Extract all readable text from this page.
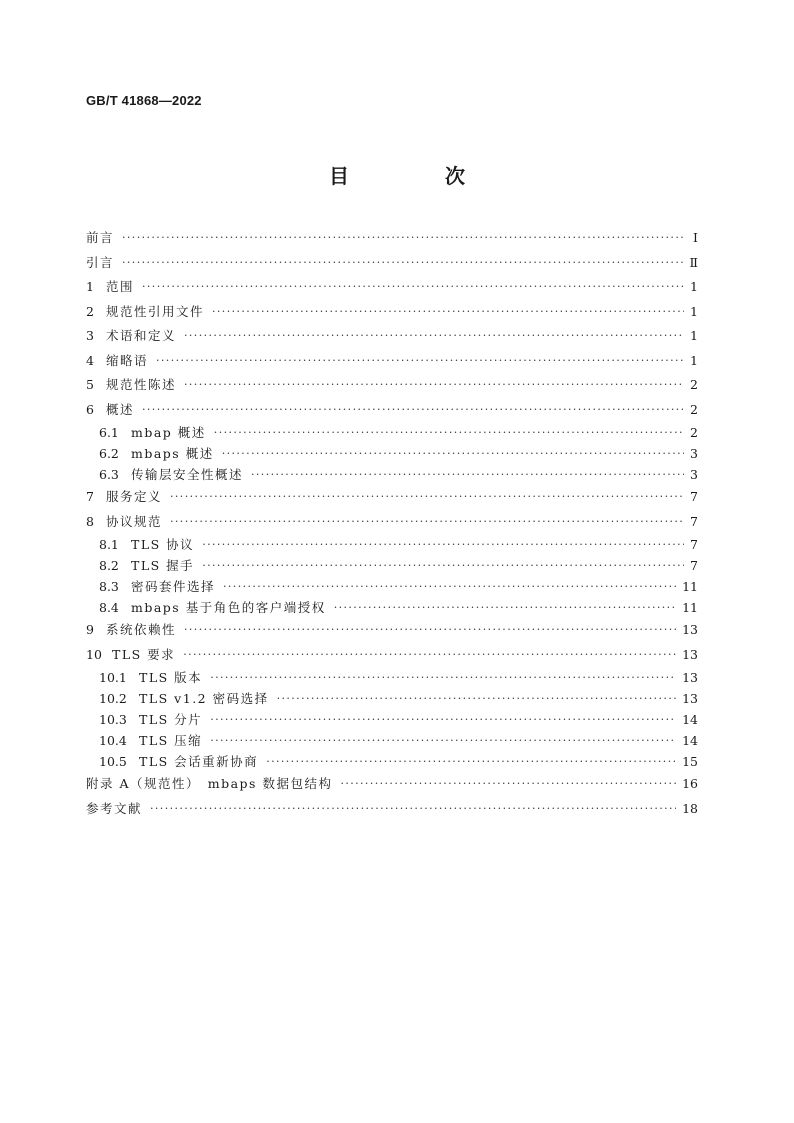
GB/T 41868—2022
目　次
前言 ·····	Ⅰ
引言 ·····	Ⅱ
1 范围 ·····	1
2 规范性引用文件 ·····	1
3 术语和定义 ·····	1
4 缩略语 ·····	1
5 规范性陈述 ·····	2
6 概述 ·····	2
6.1 mbap 概述 ·····	2
6.2 mbaps 概述 ·····	3
6.3 传输层安全性概述 ·····	3
7 服务定义 ·····	7
8 协议规范 ·····	7
8.1 TLS 协议 ·····	7
8.2 TLS 握手 ·····	7
8.3 密码套件选择 ·····	11
8.4 mbaps 基于角色的客户端授权 ·····	11
9 系统依赖性 ·····	13
10 TLS 要求 ·····	13
10.1 TLS 版本 ·····	13
10.2 TLS v1.2 密码选择 ·····	13
10.3 TLS 分片 ·····	14
10.4 TLS 压缩 ·····	14
10.5 TLS 会话重新协商 ·····	15
附录 A（规范性）　mbaps 数据包结构 ·····	16
参考文献 ·····	18
